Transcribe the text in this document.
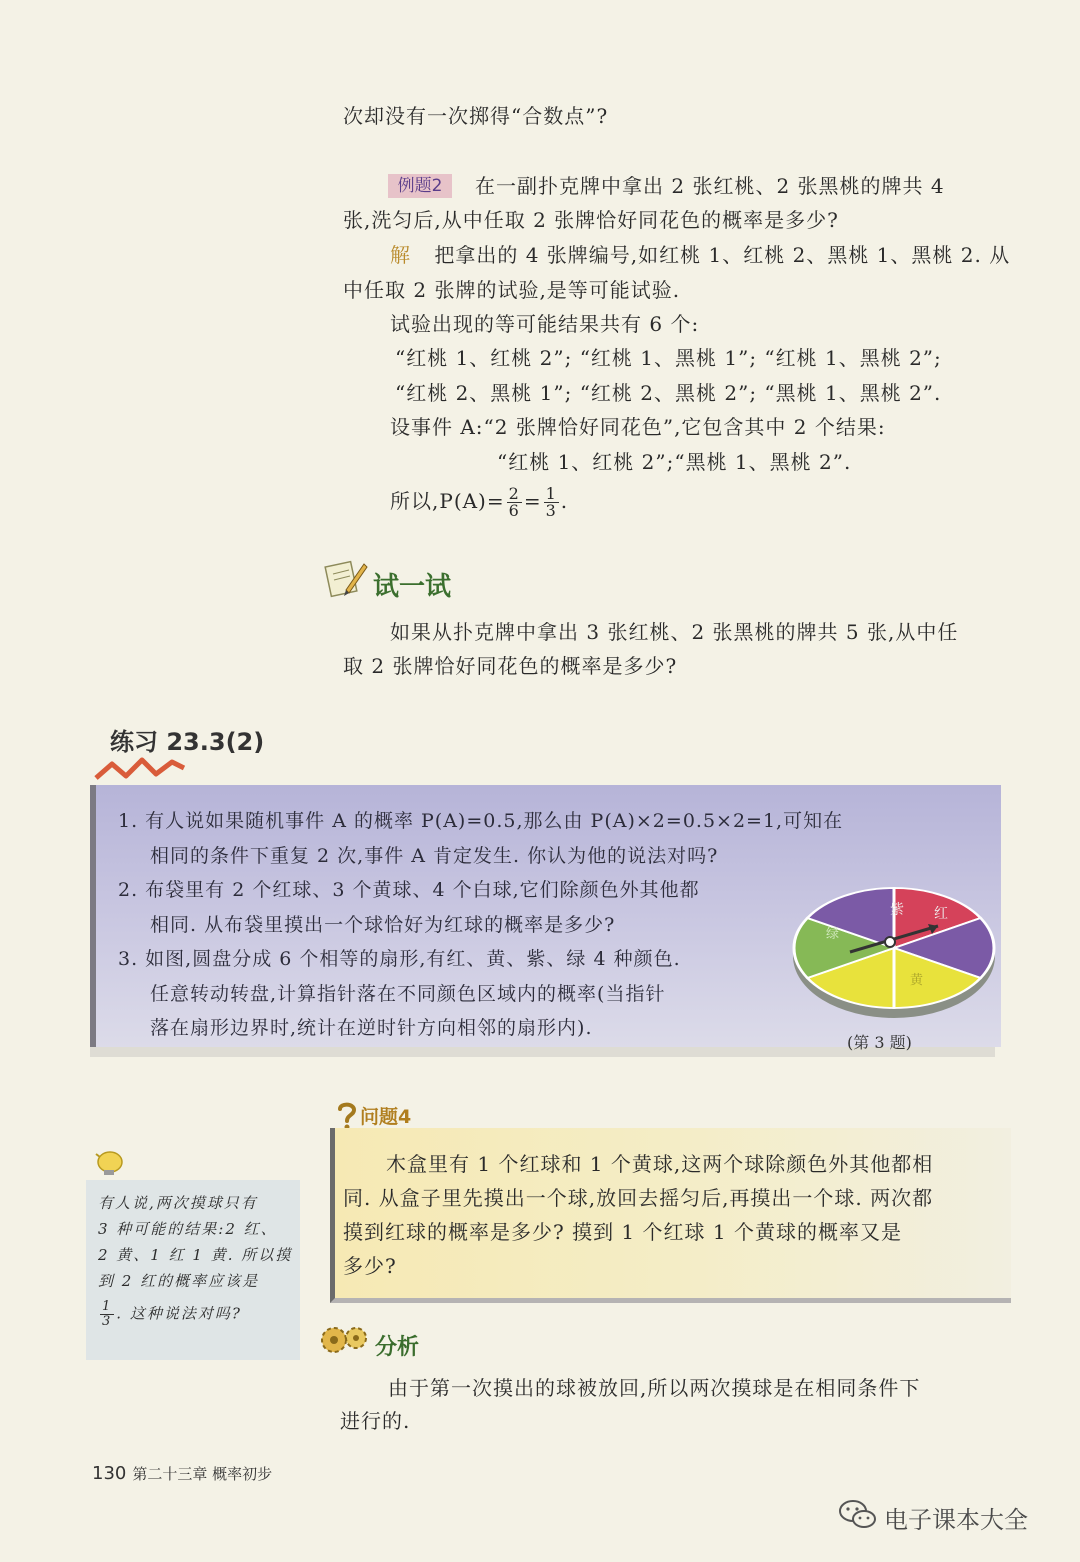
次却没有一次掷得“合数点”?
例题2	在一副扑克牌中拿出 2 张红桃、2 张黑桃的牌共 4
张,洗匀后,从中任取 2 张牌恰好同花色的概率是多少?
解 把拿出的 4 张牌编号,如红桃 1、红桃 2、黑桃 1、黑桃 2. 从
中任取 2 张牌的试验,是等可能试验.
试验出现的等可能结果共有 6 个:
“红桃 1、红桃 2”; “红桃 1、黑桃 1”; “红桃 1、黑桃 2”;
“红桃 2、黑桃 1”; “红桃 2、黑桃 2”; “黑桃 1、黑桃 2”.
设事件 A:“2 张牌恰好同花色”,它包含其中 2 个结果:
“红桃 1、红桃 2”;“黑桃 1、黑桃 2”.
所以$,P(A)= \frac{2}{6} = \frac{1}{3}$ .
试一试
如果从扑克牌中拿出 3 张红桃、2 张黑桃的牌共 5 张,从中任
取 2 张牌恰好同花色的概率是多少?
练习 23.3(2)
1. 有人说如果随机事件 A 的概率 P(A)=0.5,那么由 P(A)×2=0.5×2=1,可知在
相同的条件下重复 2 次,事件 A 肯定发生. 你认为他的说法对吗?
2. 布袋里有 2 个红球、3 个黄球、4 个白球,它们除颜色外其他都
相同. 从布袋里摸出一个球恰好为红球的概率是多少?
3. 如图,圆盘分成 6 个相等的扇形,有红、黄、紫、绿 4 种颜色.
任意转动转盘,计算指针落在不同颜色区域内的概率(当指针
落在扇形边界时,统计在逆时针方向相邻的扇形内).
紫 红
黄
绿
(第 3 题)
问题4
木盒里有 1 个红球和 1 个黄球,这两个球除颜色外其他都相
同. 从盒子里先摸出一个球,放回去摇匀后,再摸出一个球. 两次都
摸到红球的概率是多少? 摸到 1 个红球 1 个黄球的概率又是
多少?
有人说,两次摸球只有
3 种可能的结果:2 红、
2 黄、1 红 1 黄. 所以摸
到 2 红的概率应该是
$\frac{1}{3}$ . 这种说法对吗?
分析
由于第一次摸出的球被放回,所以两次摸球是在相同条件下
进行的.
130 第二十三章 概率初步
电子课本大全
